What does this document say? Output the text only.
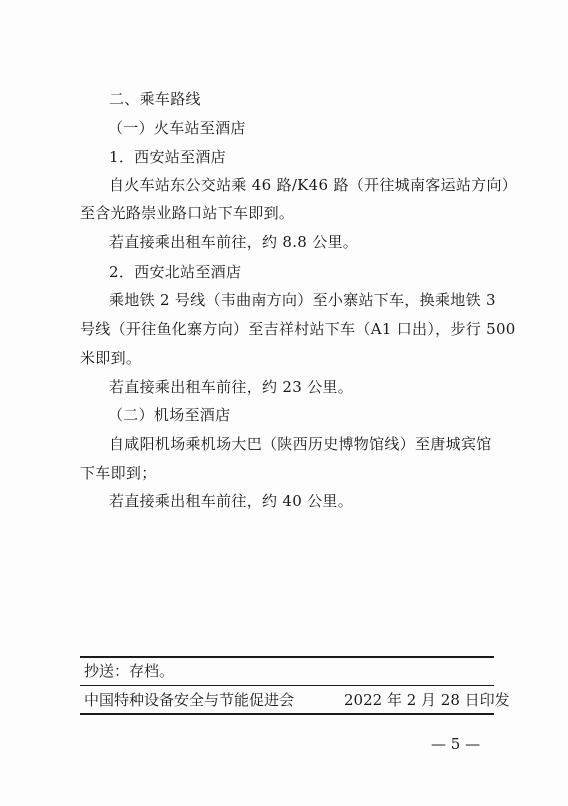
二、乘车路线
（一）火车站至酒店
1．西安站至酒店
自火车站东公交站乘 46 路/K46 路（开往城南客运站方向）
至含光路崇业路口站下车即到。
若直接乘出租车前往，约 8.8 公里。
2．西安北站至酒店
乘地铁 2 号线（韦曲南方向）至小寨站下车，换乘地铁 3
号线（开往鱼化寨方向）至吉祥村站下车（A1 口出），步行 500
米即到。
若直接乘出租车前往，约 23 公里。
（二）机场至酒店
自咸阳机场乘机场大巴（陕西历史博物馆线）至唐城宾馆
下车即到；
若直接乘出租车前往，约 40 公里。
抄送：存档。
中国特种设备安全与节能促进会	2022 年 2 月 28 日印发
— 5 —
